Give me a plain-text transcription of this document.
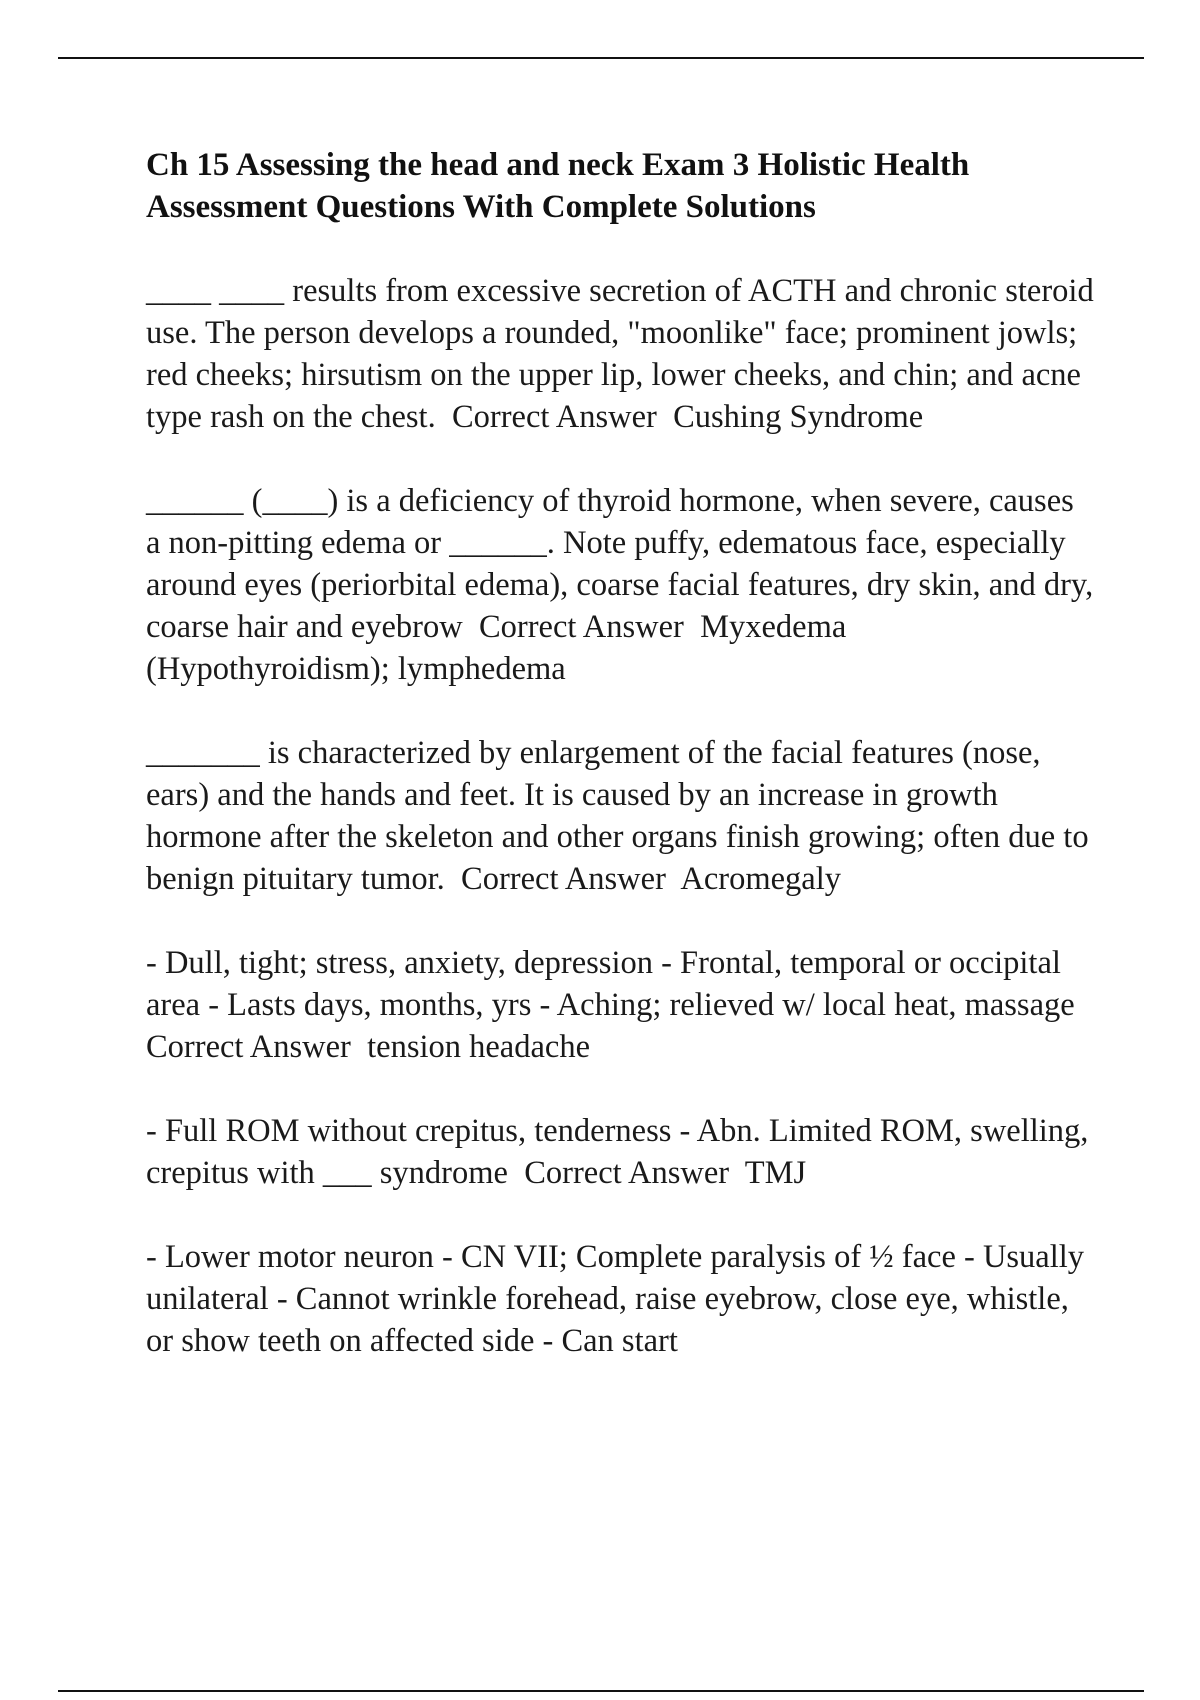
Ch 15 Assessing the head and neck Exam 3 Holistic Health Assessment Questions With Complete Solutions

____ ____ results from excessive secretion of ACTH and chronic steroid use. The person develops a rounded, "moonlike" face; prominent jowls; red cheeks; hirsutism on the upper lip, lower cheeks, and chin; and acne type rash on the chest.  Correct Answer  Cushing Syndrome

______ (____) is a deficiency of thyroid hormone, when severe, causes a non-pitting edema or ______. Note puffy, edematous face, especially around eyes (periorbital edema), coarse facial features, dry skin, and dry, coarse hair and eyebrow  Correct Answer  Myxedema (Hypothyroidism); lymphedema

_______ is characterized by enlargement of the facial features (nose, ears) and the hands and feet. It is caused by an increase in growth hormone after the skeleton and other organs finish growing; often due to benign pituitary tumor.  Correct Answer  Acromegaly

- Dull, tight; stress, anxiety, depression - Frontal, temporal or occipital area - Lasts days, months, yrs - Aching; relieved w/ local heat, massage  Correct Answer  tension headache

- Full ROM without crepitus, tenderness - Abn. Limited ROM, swelling, crepitus with ___ syndrome  Correct Answer  TMJ

- Lower motor neuron - CN VII; Complete paralysis of ½ face - Usually unilateral - Cannot wrinkle forehead, raise eyebrow, close eye, whistle, or show teeth on affected side - Can start
